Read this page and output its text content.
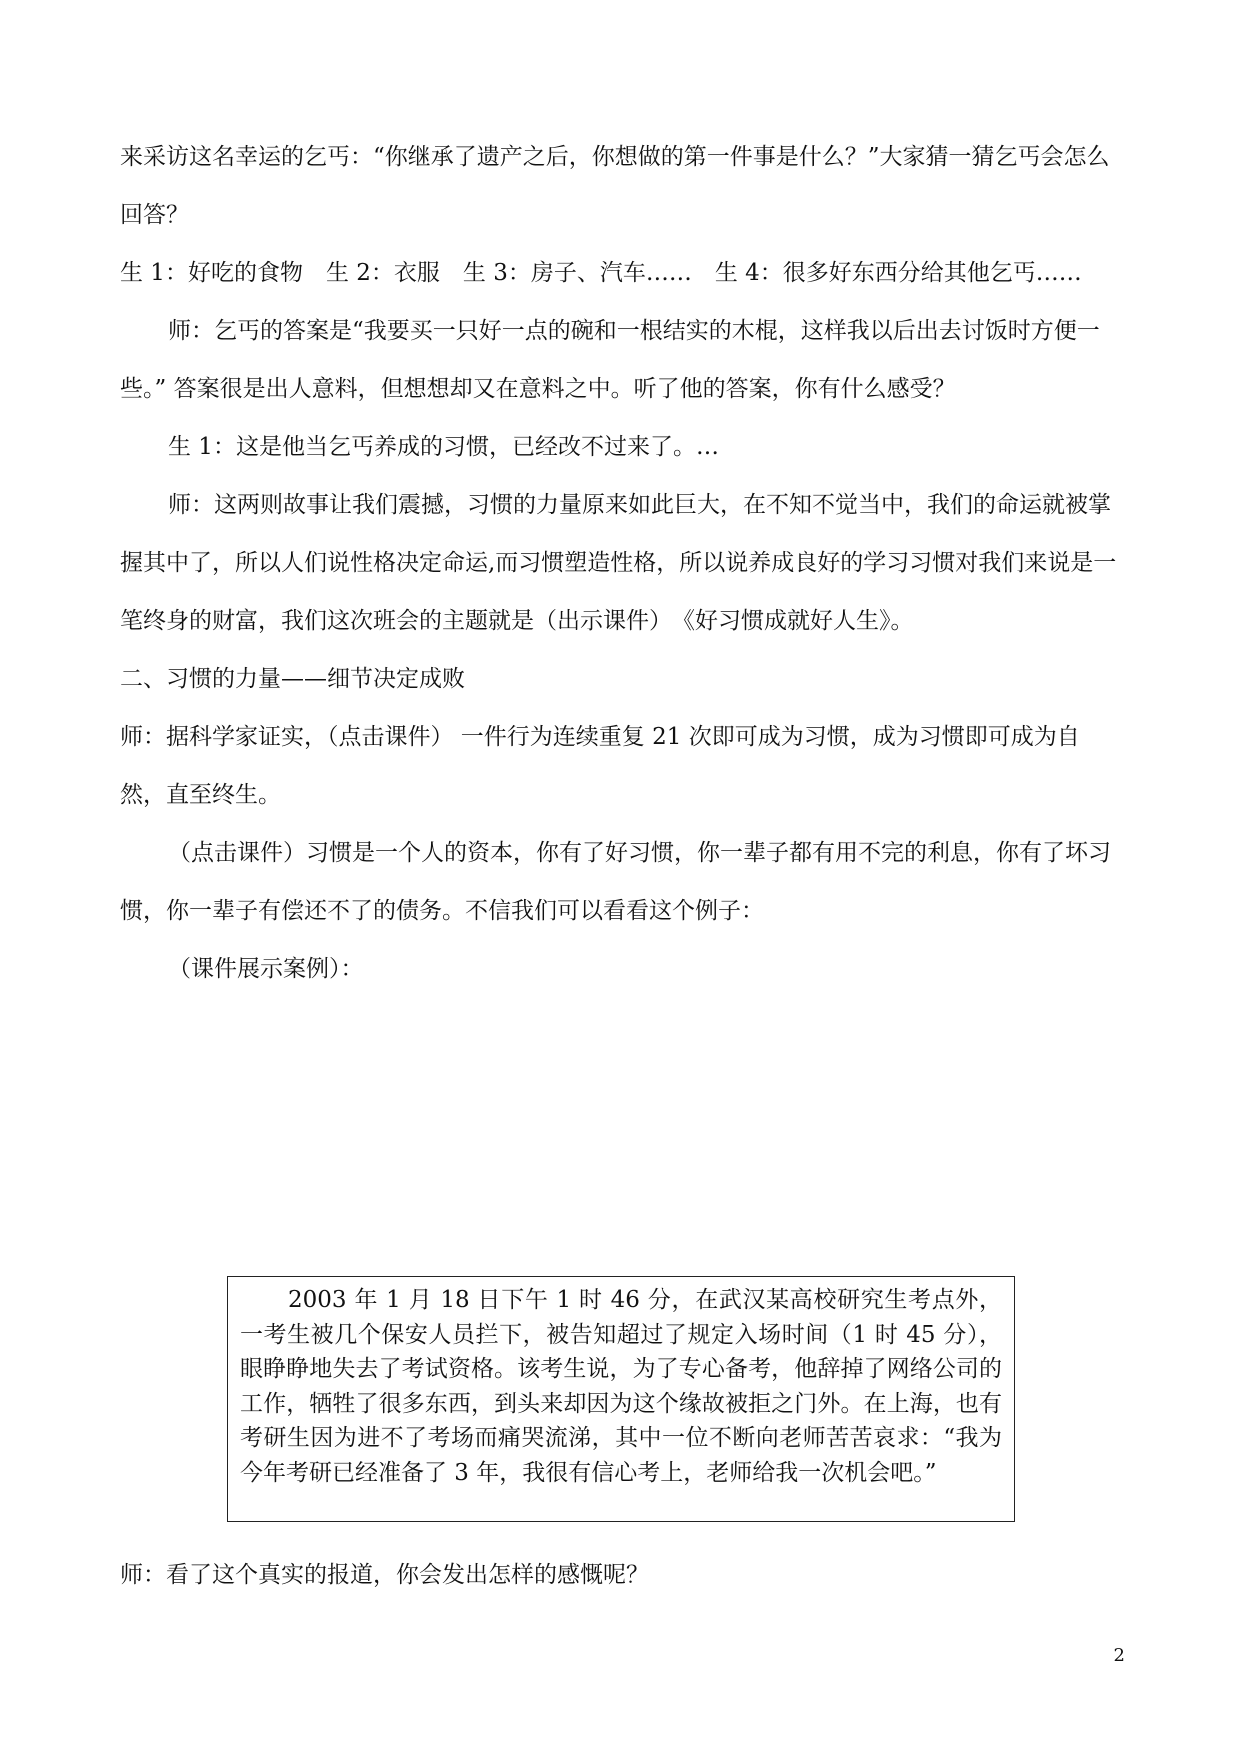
来采访这名幸运的乞丐：“你继承了遗产之后，你想做的第一件事是什么？”大家猜一猜乞丐会怎么回答？

生 1：好吃的食物　生 2：衣服　生 3：房子、汽车……　生 4：很多好东西分给其他乞丐……

师：乞丐的答案是“我要买一只好一点的碗和一根结实的木棍，这样我以后出去讨饭时方便一些。” 答案很是出人意料，但想想却又在意料之中。听了他的答案，你有什么感受？

生 1：这是他当乞丐养成的习惯，已经改不过来了。…

师：这两则故事让我们震撼，习惯的力量原来如此巨大，在不知不觉当中，我们的命运就被掌握其中了，所以人们说性格决定命运,而习惯塑造性格，所以说养成良好的学习习惯对我们来说是一笔终身的财富，我们这次班会的主题就是（出示课件）　《好习惯成就好人生》。

二、习惯的力量——细节决定成败

师：据科学家证实，（点击课件） 一件行为连续重复 21 次即可成为习惯，成为习惯即可成为自然，直至终生。

（点击课件）习惯是一个人的资本，你有了好习惯，你一辈子都有用不完的利息，你有了坏习惯，你一辈子有偿还不了的债务。不信我们可以看看这个例子：

（课件展示案例）：

2003 年 1 月 18 日下午 1 时 46 分，在武汉某高校研究生考点外，一考生被几个保安人员拦下，被告知超过了规定入场时间（1 时 45 分），眼睁睁地失去了考试资格。该考生说，为了专心备考，他辞掉了网络公司的工作，牺牲了很多东西，到头来却因为这个缘故被拒之门外。在上海，也有考研生因为进不了考场而痛哭流涕，其中一位不断向老师苦苦哀求：“我为今年考研已经准备了 3 年，我很有信心考上，老师给我一次机会吧。”

师：看了这个真实的报道，你会发出怎样的感慨呢？

2
